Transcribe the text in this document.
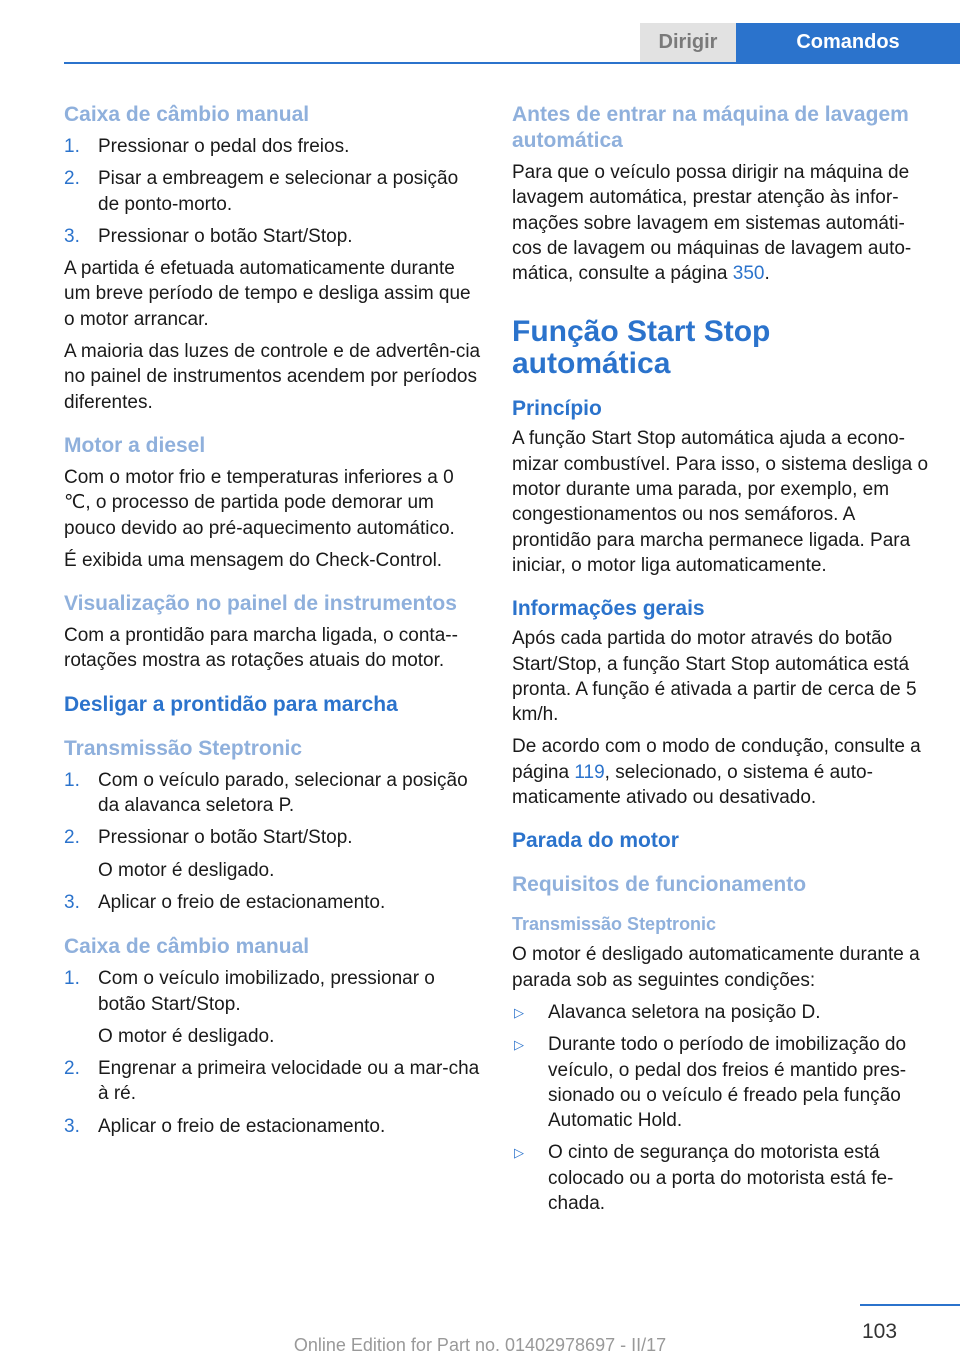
Dirigir	Comandos
Caixa de câmbio manual
1. Pressionar o pedal dos freios.

2. Pisar a embreagem e selecionar a posição de ponto-morto.

3. Pressionar o botão Start/Stop.

A partida é efetuada automaticamente durante um breve período de tempo e desliga assim que o motor arrancar.

A maioria das luzes de controle e de advertên-cia no painel de instrumentos acendem por períodos diferentes.

Motor a diesel

Com o motor frio e temperaturas inferiores a 0 ℃, o processo de partida pode demorar um pouco devido ao pré-aquecimento automático.

É exibida uma mensagem do Check-Control.

Visualização no painel de instrumentos

Com a prontidão para marcha ligada, o conta--rotações mostra as rotações atuais do motor.

Desligar a prontidão para marcha
Transmissão Steptronic
1. Com o veículo parado, selecionar a posição da alavanca seletora P.

2. Pressionar o botão Start/Stop.

O motor é desligado.

3. Aplicar o freio de estacionamento.

Caixa de câmbio manual
1. Com o veículo imobilizado, pressionar o botão Start/Stop.

O motor é desligado.

2. Engrenar a primeira velocidade ou a mar-cha à ré.

3. Aplicar o freio de estacionamento.

Antes de entrar na máquina de lavagem automática

Para que o veículo possa dirigir na máquina de lavagem automática, prestar atenção às infor-mações sobre lavagem em sistemas automáti-cos de lavagem ou máquinas de lavagem auto-mática, consulte a página 350.

Função Start Stop automática
Princípio

A função Start Stop automática ajuda a econo-mizar combustível. Para isso, o sistema desliga o motor durante uma parada, por exemplo, em congestionamentos ou nos semáforos. A prontidão para marcha permanece ligada. Para iniciar, o motor liga automaticamente.

Informações gerais

Após cada partida do motor através do botão Start/Stop, a função Start Stop automática está pronta. A função é ativada a partir de cerca de 5 km/h.

De acordo com o modo de condução, consulte a página 119, selecionado, o sistema é auto-maticamente ativado ou desativado.

Parada do motor
Requisitos de funcionamento
Transmissão Steptronic

O motor é desligado automaticamente durante a parada sob as seguintes condições:

▷	Alavanca seletora na posição D.

▷	Durante todo o período de imobilização do veículo, o pedal dos freios é mantido pres-sionado ou o veículo é freado pela função Automatic Hold.

▷	O cinto de segurança do motorista está colocado ou a porta do motorista está fe-chada.

103
Online Edition for Part no. 01402978697 - II/17
